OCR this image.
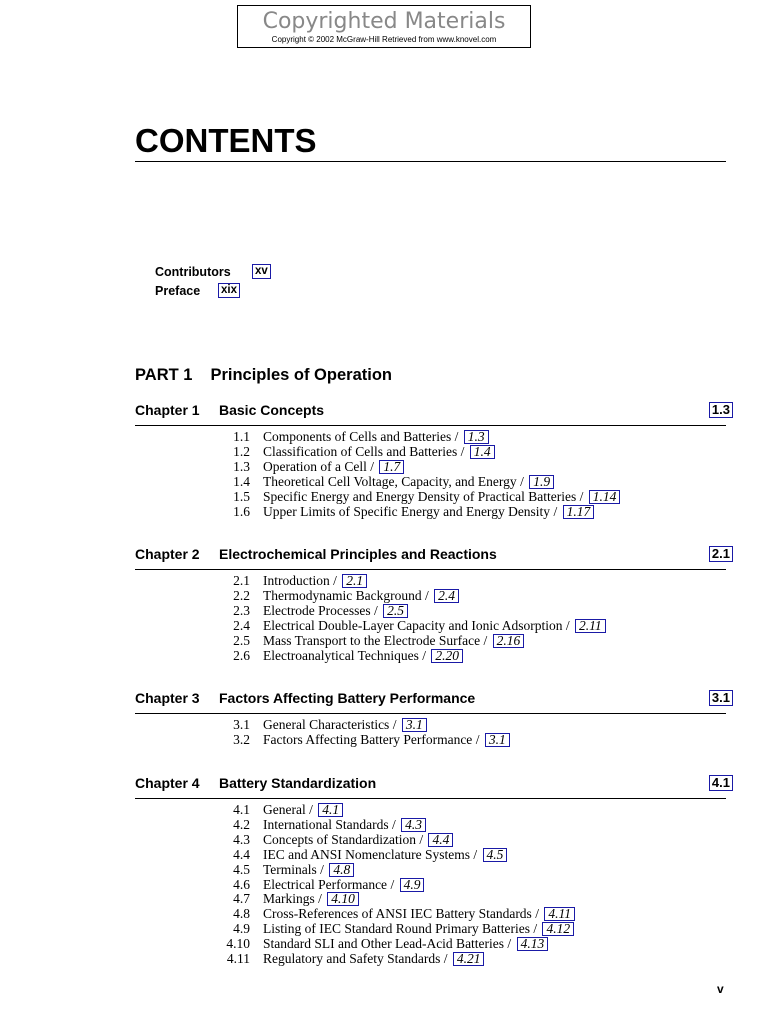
Copyrighted Materials
Copyright © 2002 McGraw-Hill Retrieved from www.knovel.com
CONTENTS
Contributors xv
Preface xix
PART 1 Principles of Operation
Chapter 1 Basic Concepts	1.3
1.1 Components of Cells and Batteries / 1.3
1.2 Classification of Cells and Batteries / 1.4
1.3 Operation of a Cell / 1.7
1.4 Theoretical Cell Voltage, Capacity, and Energy / 1.9
1.5 Specific Energy and Energy Density of Practical Batteries / 1.14
1.6 Upper Limits of Specific Energy and Energy Density / 1.17
Chapter 2 Electrochemical Principles and Reactions	2.1
2.1 Introduction / 2.1
2.2 Thermodynamic Background / 2.4
2.3 Electrode Processes / 2.5
2.4 Electrical Double-Layer Capacity and Ionic Adsorption / 2.11
2.5 Mass Transport to the Electrode Surface / 2.16
2.6 Electroanalytical Techniques / 2.20
Chapter 3 Factors Affecting Battery Performance	3.1
3.1 General Characteristics / 3.1
3.2 Factors Affecting Battery Performance / 3.1
Chapter 4 Battery Standardization	4.1
4.1 General / 4.1
4.2 International Standards / 4.3
4.3 Concepts of Standardization / 4.4
4.4 IEC and ANSI Nomenclature Systems / 4.5
4.5 Terminals / 4.8
4.6 Electrical Performance / 4.9
4.7 Markings / 4.10
4.8 Cross-References of ANSI IEC Battery Standards / 4.11
4.9 Listing of IEC Standard Round Primary Batteries / 4.12
4.10 Standard SLI and Other Lead-Acid Batteries / 4.13
4.11 Regulatory and Safety Standards / 4.21
v
